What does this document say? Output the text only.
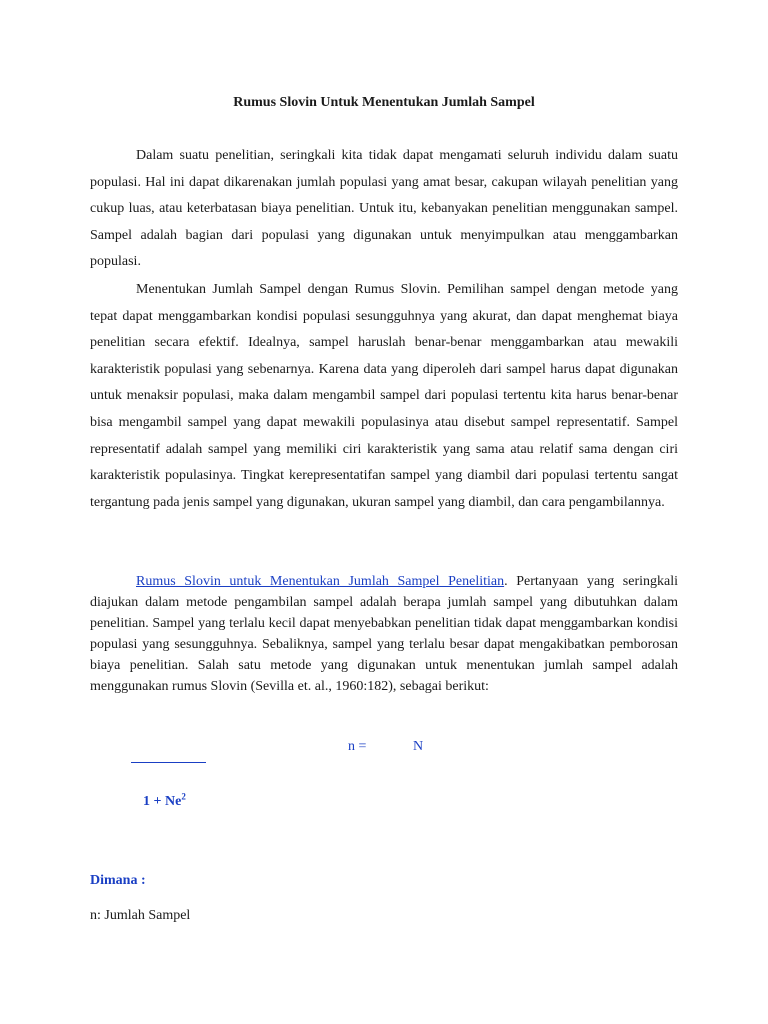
Rumus Slovin Untuk Menentukan Jumlah Sampel

Dalam suatu penelitian, seringkali kita tidak dapat mengamati seluruh individu dalam suatu populasi. Hal ini dapat dikarenakan jumlah populasi yang amat besar, cakupan wilayah penelitian yang cukup luas, atau keterbatasan biaya penelitian. Untuk itu, kebanyakan penelitian menggunakan sampel. Sampel adalah bagian dari populasi yang digunakan untuk menyimpulkan atau menggambarkan populasi.

Menentukan Jumlah Sampel dengan Rumus Slovin. Pemilihan sampel dengan metode yang tepat dapat menggambarkan kondisi populasi sesungguhnya yang akurat, dan dapat menghemat biaya penelitian secara efektif. Idealnya, sampel haruslah benar-benar menggambarkan atau mewakili karakteristik populasi yang sebenarnya. Karena data yang diperoleh dari sampel harus dapat digunakan untuk menaksir populasi, maka dalam mengambil sampel dari populasi tertentu kita harus benar-benar bisa mengambil sampel yang dapat mewakili populasinya atau disebut sampel representatif. Sampel representatif adalah sampel yang memiliki ciri karakteristik yang sama atau relatif sama dengan ciri karakteristik populasinya. Tingkat kerepresentatifan sampel yang diambil dari populasi tertentu sangat tergantung pada jenis sampel yang digunakan, ukuran sampel yang diambil, dan cara pengambilannya.

Rumus Slovin untuk Menentukan Jumlah Sampel Penelitian. Pertanyaan yang seringkali diajukan dalam metode pengambilan sampel adalah berapa jumlah sampel yang dibutuhkan dalam penelitian. Sampel yang terlalu kecil dapat menyebabkan penelitian tidak dapat menggambarkan kondisi populasi yang sesungguhnya. Sebaliknya, sampel yang terlalu besar dapat mengakibatkan pemborosan biaya penelitian. Salah satu metode yang digunakan untuk menentukan jumlah sampel adalah menggunakan rumus Slovin (Sevilla et. al., 1960:182), sebagai berikut:

n =	N
$1 + Ne^2$
Dimana :
n: Jumlah Sampel
